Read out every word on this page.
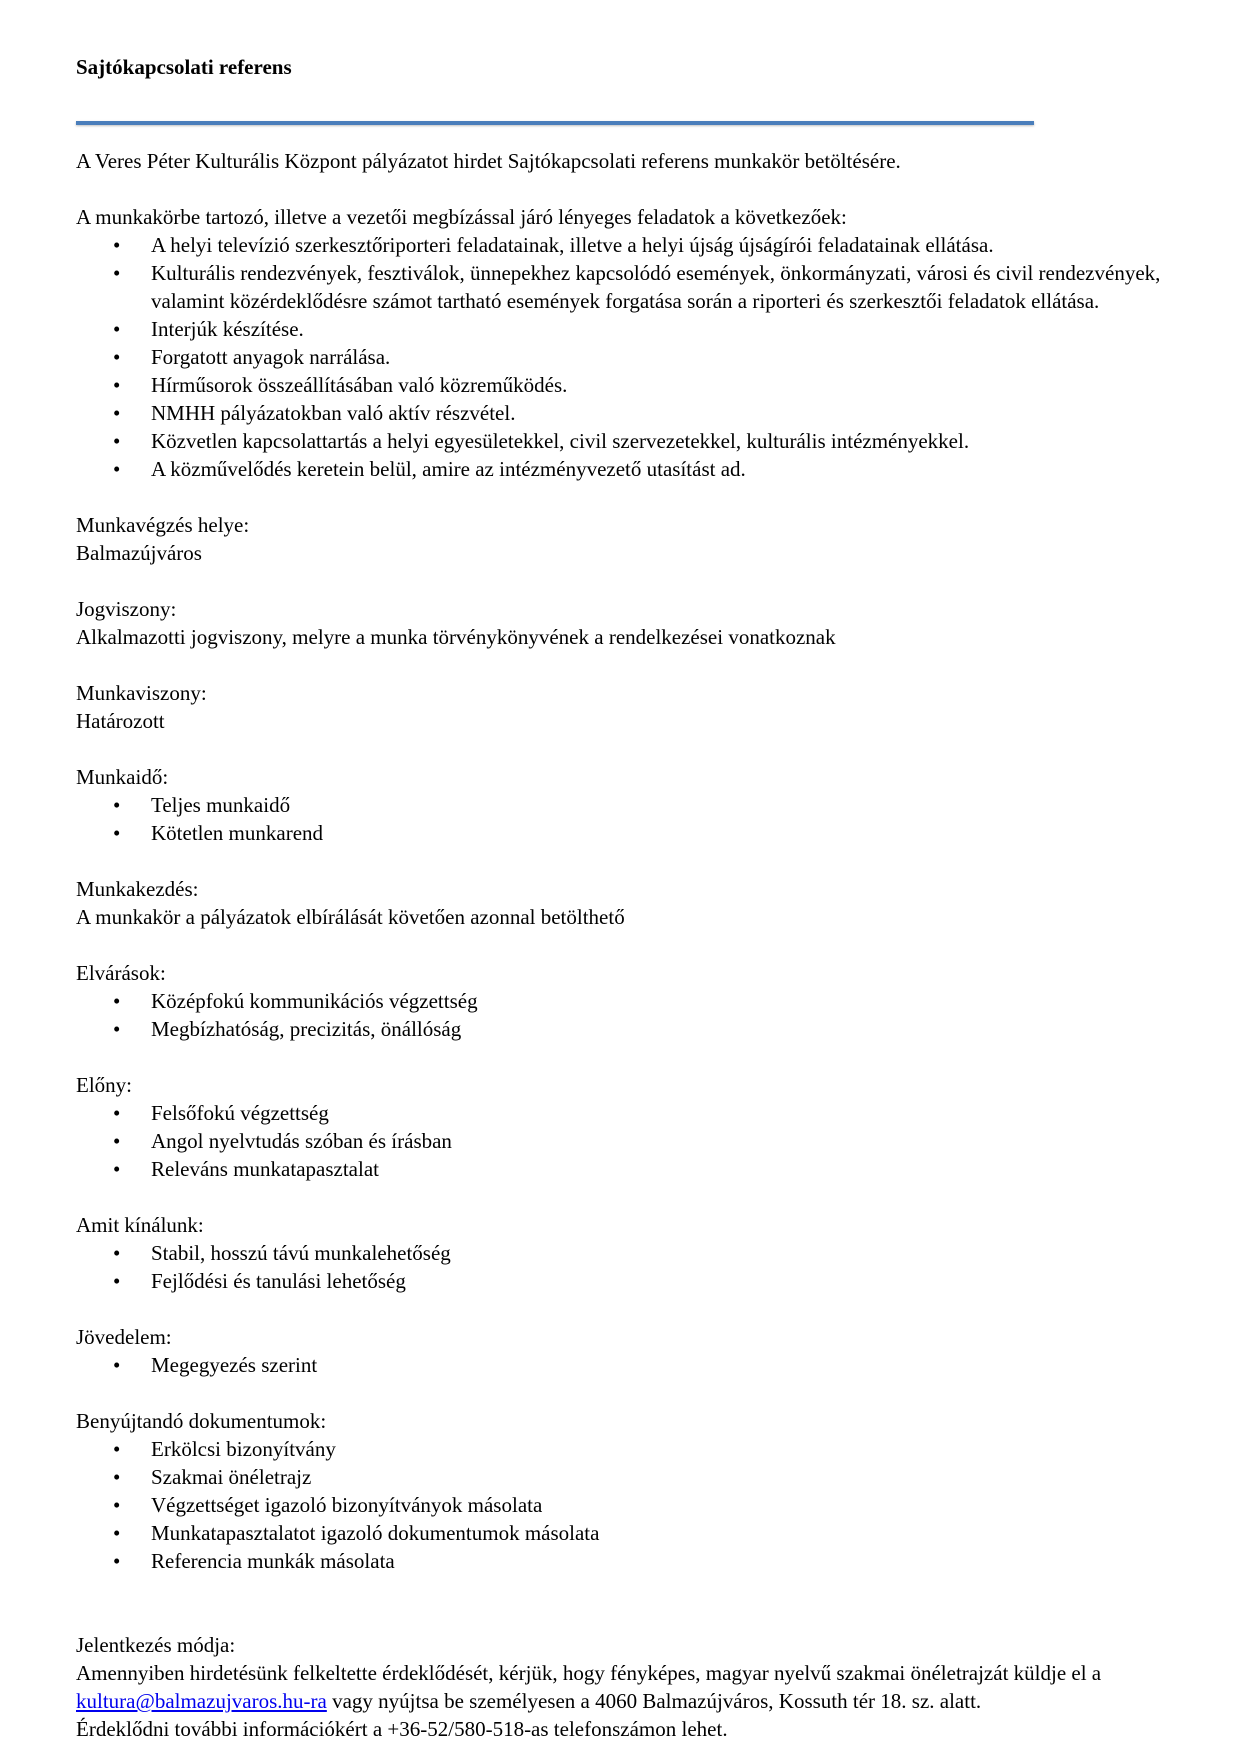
Sajtókapcsolati referens

A Veres Péter Kulturális Központ pályázatot hirdet Sajtókapcsolati referens munkakör betöltésére.

A munkakörbe tartozó, illetve a vezetői megbízással járó lényeges feladatok a következőek:

• A helyi televízió szerkesztőriporteri feladatainak, illetve a helyi újság újságírói feladatainak ellátása.
• Kulturális rendezvények, fesztiválok, ünnepekhez kapcsolódó események, önkormányzati, városi és civil rendezvények, valamint közérdeklődésre számot tartható események forgatása során a riporteri és szerkesztői feladatok ellátása.
• Interjúk készítése.
• Forgatott anyagok narrálása.
• Hírműsorok összeállításában való közreműködés.
• NMHH pályázatokban való aktív részvétel.
• Közvetlen kapcsolattartás a helyi egyesületekkel, civil szervezetekkel, kulturális intézményekkel.
• A közművelődés keretein belül, amire az intézményvezető utasítást ad.

Munkavégzés helye:

Balmazújváros

Jogviszony:

Alkalmazotti jogviszony, melyre a munka törvénykönyvének a rendelkezései vonatkoznak

Munkaviszony:

Határozott

Munkaidő:

• Teljes munkaidő
• Kötetlen munkarend

Munkakezdés:

A munkakör a pályázatok elbírálását követően azonnal betölthető

Elvárások:

• Középfokú kommunikációs végzettség
• Megbízhatóság, precizitás, önállóság

Előny:

• Felsőfokú végzettség
• Angol nyelvtudás szóban és írásban
• Releváns munkatapasztalat

Amit kínálunk:

• Stabil, hosszú távú munkalehetőség
• Fejlődési és tanulási lehetőség

Jövedelem:

• Megegyezés szerint

Benyújtandó dokumentumok:

• Erkölcsi bizonyítvány
• Szakmai önéletrajz
• Végzettséget igazoló bizonyítványok másolata
• Munkatapasztalatot igazoló dokumentumok másolata
• Referencia munkák másolata

Jelentkezés módja:

Amennyiben hirdetésünk felkeltette érdeklődését, kérjük, hogy fényképes, magyar nyelvű szakmai önéletrajzát küldje el a kultura@balmazujvaros.hu-ra vagy nyújtsa be személyesen a 4060 Balmazújváros, Kossuth tér 18. sz. alatt.

Érdeklődni további információkért a +36-52/580-518-as telefonszámon lehet.
